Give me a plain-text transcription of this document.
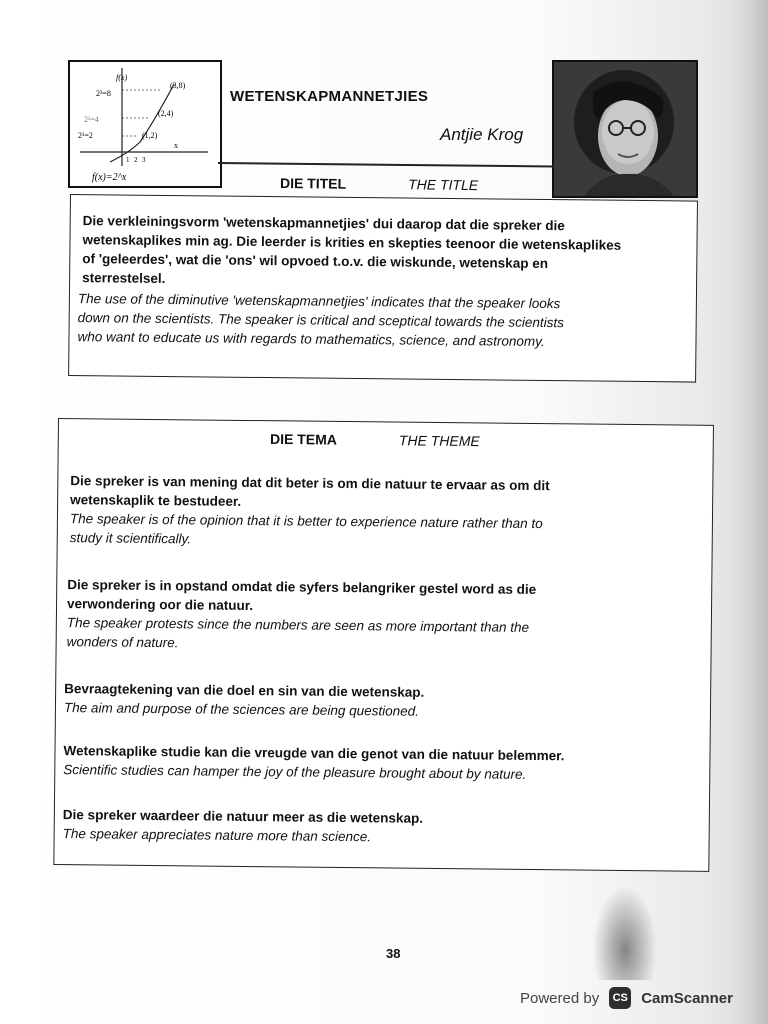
f(x)
(3,8)
(2,4)
(1,2)
x
2³=8
2²=4
2¹=2
1 2 3
f(x)=2^x
WETENSKAPMANNETJIES
Antjie Krog
DIE TITEL	THE TITLE
Die verkleiningsvorm 'wetenskapmannetjies' dui daarop dat die spreker die
wetenskaplikes min ag. Die leerder is krities en skepties teenoor die wetenskaplikes
of 'geleerdes', wat die 'ons' wil opvoed t.o.v. die wiskunde, wetenskap en
sterrestelsel.
The use of the diminutive 'wetenskapmannetjies' indicates that the speaker looks
down on the scientists. The speaker is critical and sceptical towards the scientists
who want to educate us with regards to mathematics, science, and astronomy.
Die spreker is van mening dat dit beter is om die natuur te ervaar as om dit
wetenskaplik te bestudeer.
The speaker is of the opinion that it is better to experience nature rather than to
study it scientifically.
Die spreker is in opstand omdat die syfers belangriker gestel word as die
verwondering oor die natuur.
The speaker protests since the numbers are seen as more important than the
wonders of nature.
Bevraagtekening van die doel en sin van die wetenskap.
The aim and purpose of the sciences are being questioned.
Wetenskaplike studie kan die vreugde van die genot van die natuur belemmer.
Scientific studies can hamper the joy of the pleasure brought about by nature.
Die spreker waardeer die natuur meer as die wetenskap.
The speaker appreciates nature more than science.
DIE TEMA	THE THEME
38
Powered by	CS CamScanner
